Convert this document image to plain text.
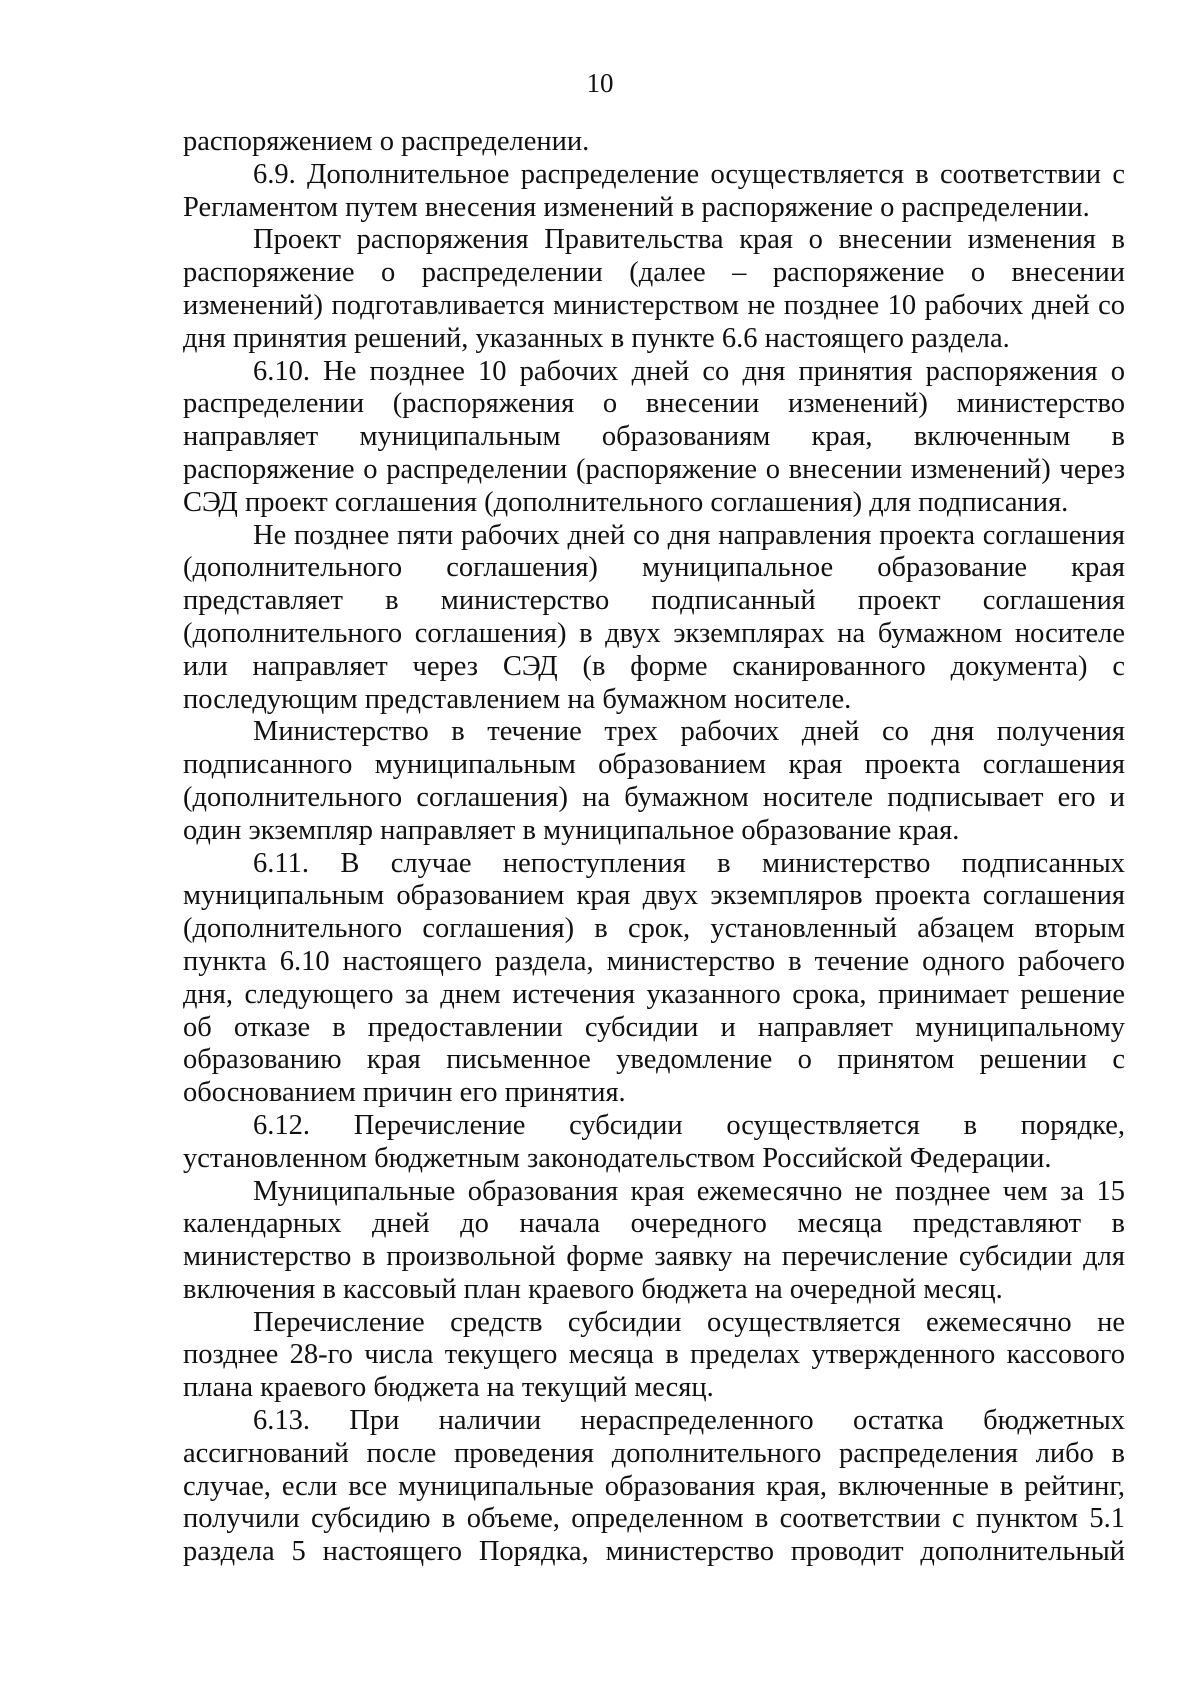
10

распоряжением о распределении.

6.9. Дополнительное распределение осуществляется в соответствии с Регламентом путем внесения изменений в распоряжение о распределении.

Проект распоряжения Правительства края о внесении изменения в распоряжение о распределении (далее – распоряжение о внесении изменений) подготавливается министерством не позднее 10 рабочих дней со дня принятия решений, указанных в пункте 6.6 настоящего раздела.

6.10. Не позднее 10 рабочих дней со дня принятия распоряжения о распределении (распоряжения о внесении изменений) министерство направляет муниципальным образованиям края, включенным в распоряжение о распределении (распоряжение о внесении изменений) через СЭД проект соглашения (дополнительного соглашения) для подписания.

Не позднее пяти рабочих дней со дня направления проекта соглашения (дополнительного соглашения) муниципальное образование края представляет в министерство подписанный проект соглашения (дополнительного соглашения) в двух экземплярах на бумажном носителе или направляет через СЭД (в форме сканированного документа) с последующим представлением на бумажном носителе.

Министерство в течение трех рабочих дней со дня получения подписанного муниципальным образованием края проекта соглашения (дополнительного соглашения) на бумажном носителе подписывает его и один экземпляр направляет в муниципальное образование края.

6.11. В случае непоступления в министерство подписанных муниципальным образованием края двух экземпляров проекта соглашения (дополнительного соглашения) в срок, установленный абзацем вторым пункта 6.10 настоящего раздела, министерство в течение одного рабочего дня, следующего за днем истечения указанного срока, принимает решение об отказе в предоставлении субсидии и направляет муниципальному образованию края письменное уведомление о принятом решении с обоснованием причин его принятия.

6.12. Перечисление субсидии осуществляется в порядке, установленном бюджетным законодательством Российской Федерации.

Муниципальные образования края ежемесячно не позднее чем за 15 календарных дней до начала очередного месяца представляют в министерство в произвольной форме заявку на перечисление субсидии для включения в кассовый план краевого бюджета на очередной месяц.

Перечисление средств субсидии осуществляется ежемесячно не позднее 28-го числа текущего месяца в пределах утвержденного кассового плана краевого бюджета на текущий месяц.

6.13. При наличии нераспределенного остатка бюджетных ассигнований после проведения дополнительного распределения либо в случае, если все муниципальные образования края, включенные в рейтинг, получили субсидию в объеме, определенном в соответствии с пунктом 5.1 раздела 5 настоящего Порядка, министерство проводит дополнительный
